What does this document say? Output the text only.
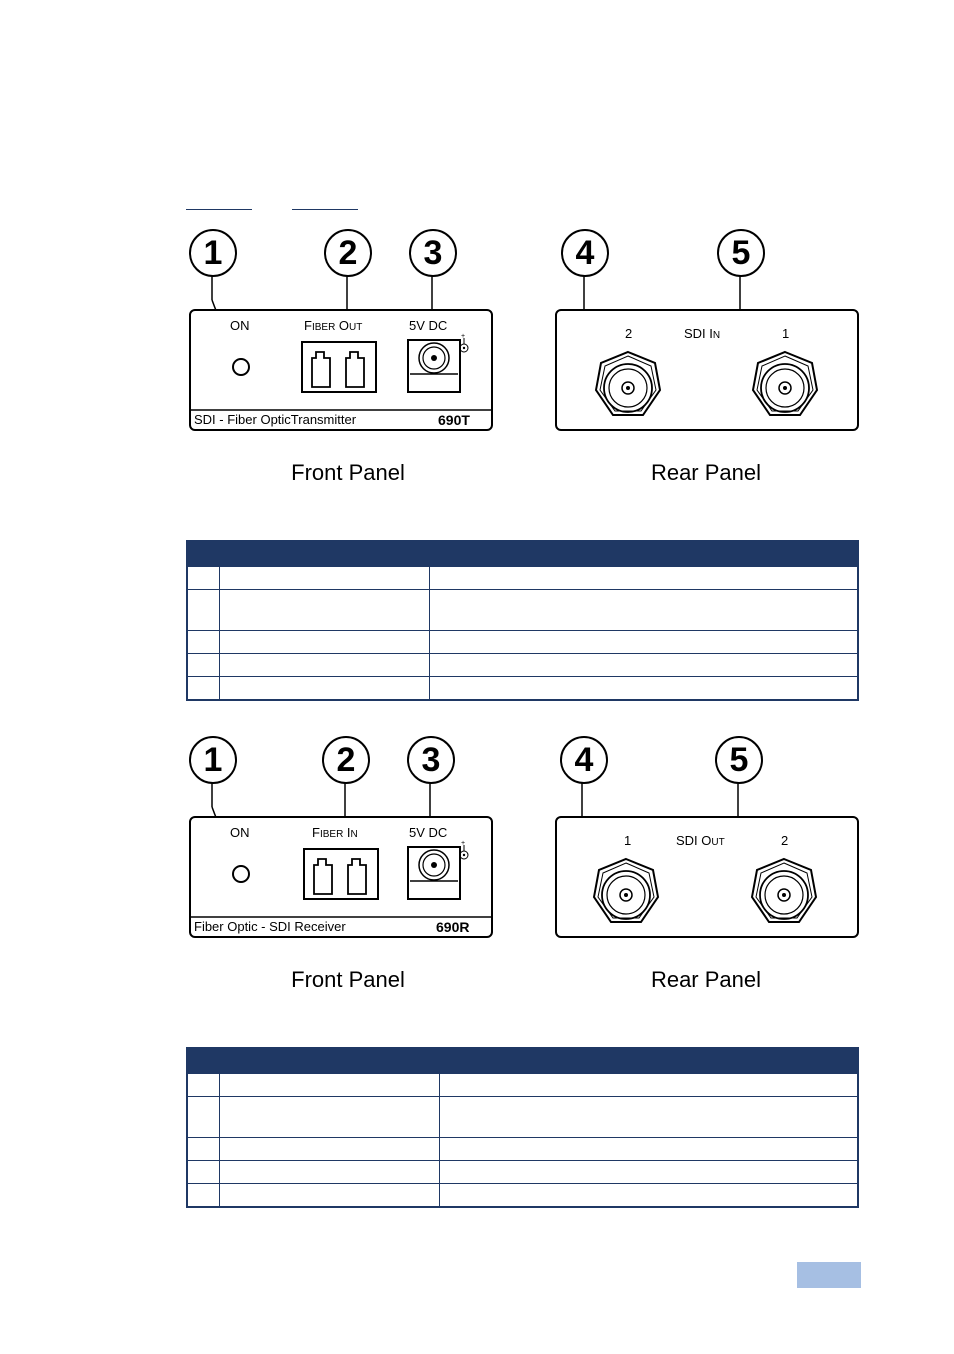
1	2	3
ON	FIBER OUT	5V DC
+
SDI - Fiber OpticTransmitter	690T
Front Panel
4	5
2	1
SDI IN
Rear Panel

1	2	3
ON	FIBER IN	5V DC
+
Fiber Optic - SDI Receiver	690R
Front Panel
4	5
1	2
SDI OUT
Rear Panel
